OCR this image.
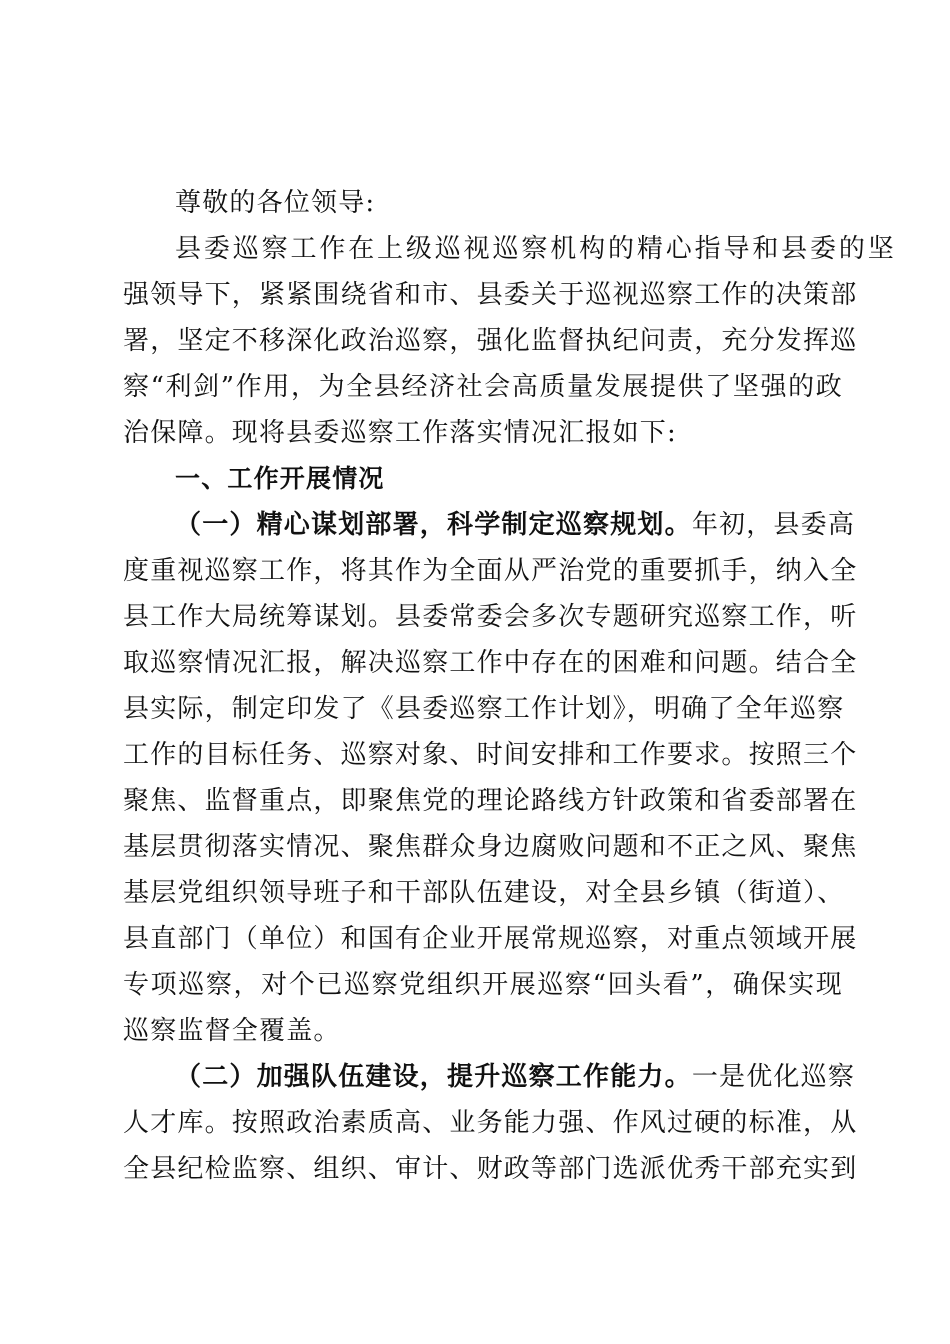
尊敬的各位领导:
县委巡察工作在上级巡视巡察机构的精心指导和县委的坚
强领导下，紧紧围绕省和市、县委关于巡视巡察工作的决策部
署，坚定不移深化政治巡察，强化监督执纪问责，充分发挥巡
察“利剑”作用，为全县经济社会高质量发展提供了坚强的政
治保障。现将县委巡察工作落实情况汇报如下:
一、工作开展情况
（一）精心谋划部署，科学制定巡察规划。年初，县委高
度重视巡察工作，将其作为全面从严治党的重要抓手，纳入全
县工作大局统筹谋划。县委常委会多次专题研究巡察工作，听
取巡察情况汇报，解决巡察工作中存在的困难和问题。结合全
县实际，制定印发了《县委巡察工作计划》，明确了全年巡察
工作的目标任务、巡察对象、时间安排和工作要求。按照三个
聚焦、监督重点，即聚焦党的理论路线方针政策和省委部署在
基层贯彻落实情况、聚焦群众身边腐败问题和不正之风、聚焦
基层党组织领导班子和干部队伍建设，对全县乡镇（街道）、
县直部门（单位）和国有企业开展常规巡察，对重点领域开展
专项巡察，对个已巡察党组织开展巡察“回头看”，确保实现
巡察监督全覆盖。
（二）加强队伍建设，提升巡察工作能力。一是优化巡察
人才库。按照政治素质高、业务能力强、作风过硬的标准，从
全县纪检监察、组织、审计、财政等部门选派优秀干部充实到
